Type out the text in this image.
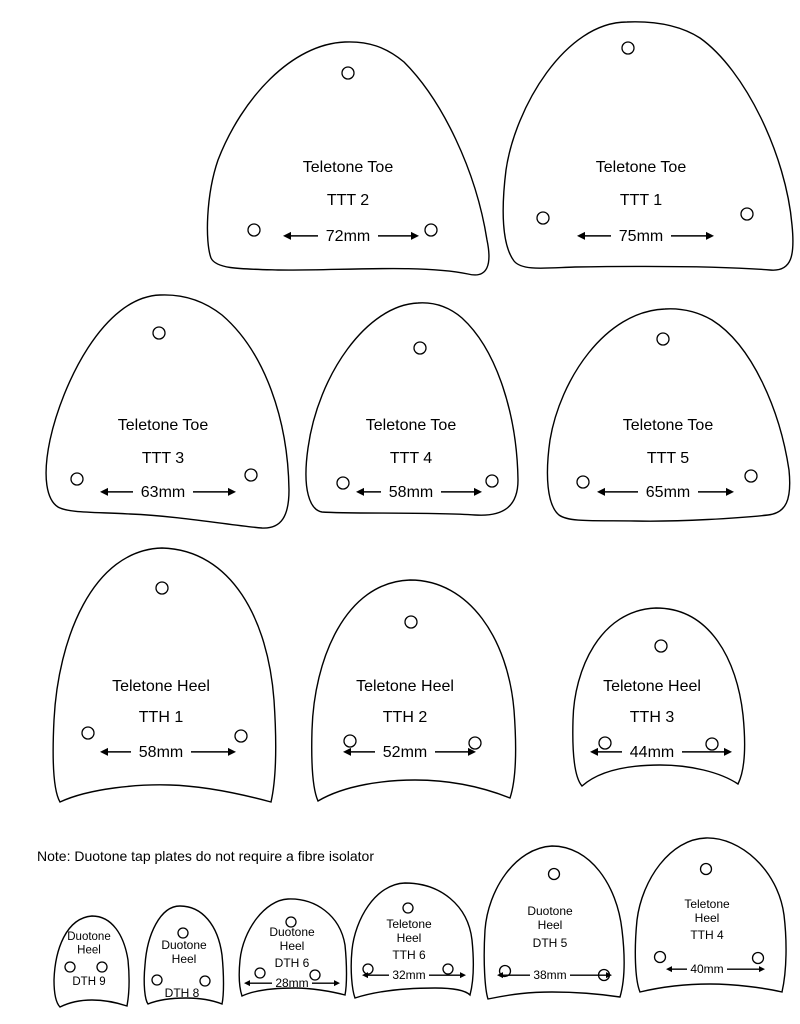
Note: Duotone tap plates do not require a fibre isolator
Teletone Toe
TTT 2
72mm
Teletone Toe
TTT 1
75mm
Teletone Toe
TTT 3
63mm
Teletone Toe
TTT 4
58mm
Teletone Toe
TTT 5
65mm
Teletone Heel
TTH 1
58mm
Teletone Heel
TTH 2
52mm
Teletone Heel
TTH 3
44mm
Duotone Heel
DTH 9
Duotone Heel
DTH 8
Duotone Heel
DTH 6
28mm
Teletone Heel
TTH 6
32mm
Duotone Heel
DTH 5
38mm
Teletone Heel
TTH 4
40mm
